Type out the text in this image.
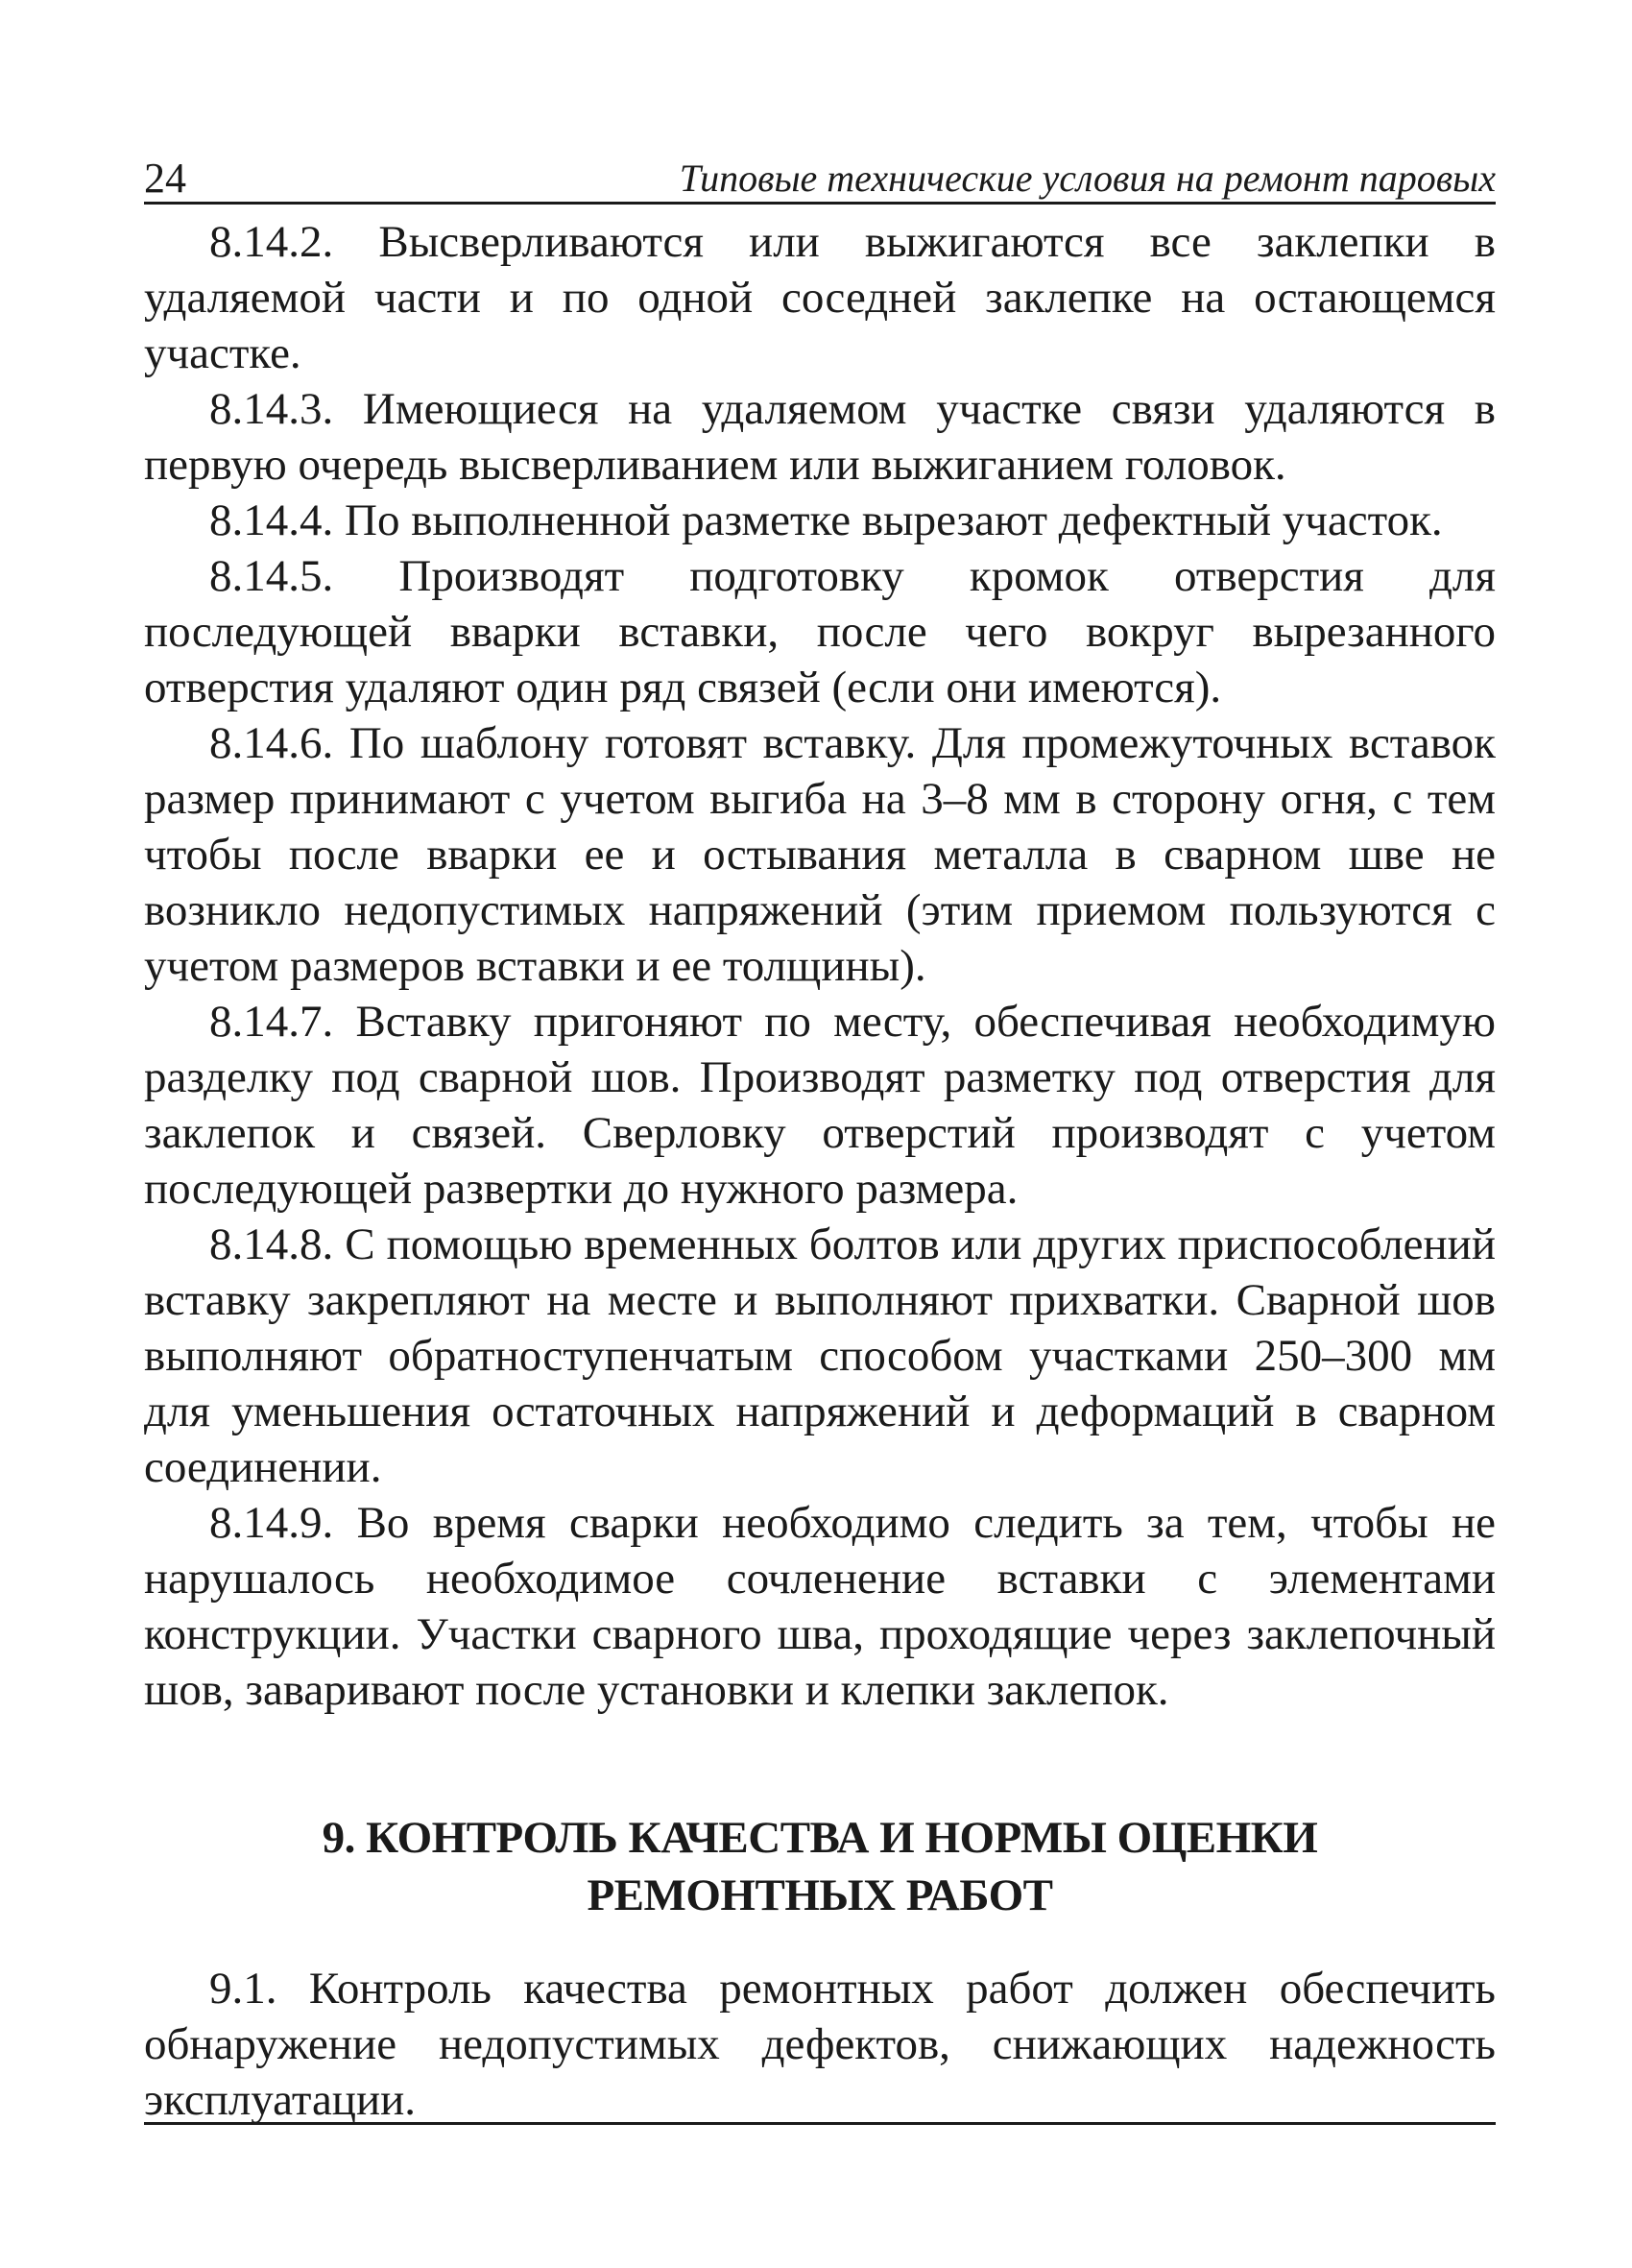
24	Типовые технические условия на ремонт паровых

8.14.2. Высверливаются или выжигаются все заклепки в удаляемой части и по одной соседней заклепке на остающемся участке.

8.14.3. Имеющиеся на удаляемом участке связи удаляются в первую очередь высверливанием или выжиганием головок.

8.14.4. По выполненной разметке вырезают дефектный участок.

8.14.5. Производят подготовку кромок отверстия для последующей вварки вставки, после чего вокруг вырезанного отверстия удаляют один ряд связей (если они имеются).

8.14.6. По шаблону готовят вставку. Для промежуточных вставок размер принимают с учетом выгиба на 3–8 мм в сторону огня, с тем чтобы после вварки ее и остывания металла в сварном шве не возникло недопустимых напряжений (этим приемом пользуются с учетом размеров вставки и ее толщины).

8.14.7. Вставку пригоняют по месту, обеспечивая необходимую разделку под сварной шов. Производят разметку под отверстия для заклепок и связей. Сверловку отверстий производят с учетом последующей развертки до нужного размера.

8.14.8. С помощью временных болтов или других приспособлений вставку закрепляют на месте и выполняют прихватки. Сварной шов выполняют обратноступенчатым способом участками 250–300 мм для уменьшения остаточных напряжений и деформаций в сварном соединении.

8.14.9. Во время сварки необходимо следить за тем, чтобы не нарушалось необходимое сочленение вставки с элементами конструкции. Участки сварного шва, проходящие через заклепочный шов, заваривают после установки и клепки заклепок.

9. КОНТРОЛЬ КАЧЕСТВА И НОРМЫ ОЦЕНКИ
РЕМОНТНЫХ РАБОТ

9.1. Контроль качества ремонтных работ должен обеспечить обнаружение недопустимых дефектов, снижающих надежность эксплуатации.
